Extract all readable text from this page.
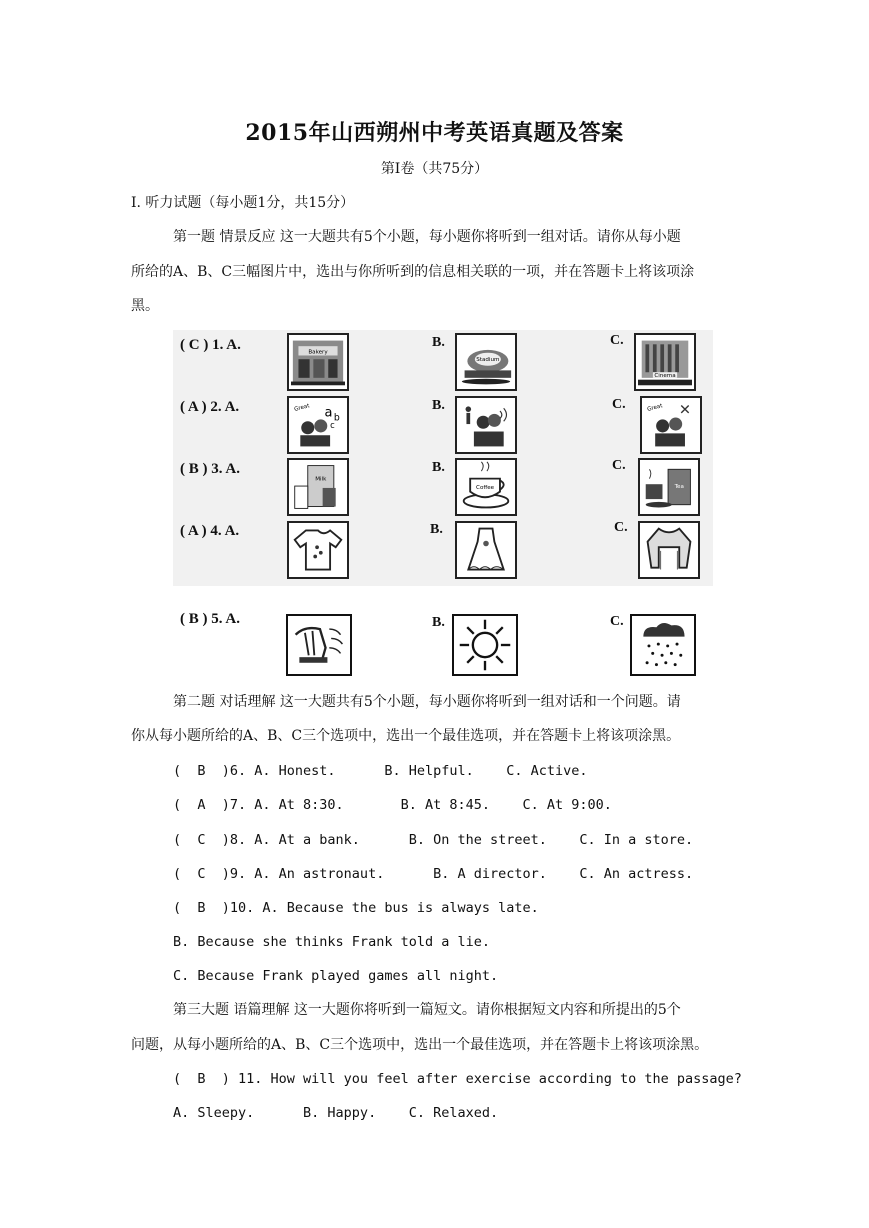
2015年山西朔州中考英语真题及答案
第Ⅰ卷（共75分）
I. 听力试题（每小题1分，共15分）
第一题 情景反应 这一大题共有5个小题，每小题你将听到一组对话。请你从每小题
所给的A、B、C三幅图片中，选出与你所听到的信息相关联的一项，并在答题卡上将该项涂
黑。
( C ) 1. A.	B.	C.
Bakery
Stadium
Cinema
( A ) 2. A.	B.	C.
Great a b
c
Great
( B ) 3. A.	B.	C.
Milk
Coffee	Tea
( A ) 4. A.	B.	C.
( B ) 5. A.	B.	C.
第二题 对话理解 这一大题共有5个小题，每小题你将听到一组对话和一个问题。请
你从每小题所给的A、B、C三个选项中，选出一个最佳选项，并在答题卡上将该项涂黑。
(  B  )6. A. Honest.      B. Helpful.    C. Active.
(  A  )7. A. At 8:30.       B. At 8:45.    C. At 9:00.
(  C  )8. A. At a bank.      B. On the street.    C. In a store.
(  C  )9. A. An astronaut.      B. A director.    C. An actress.
(  B  )10. A. Because the bus is always late.
B. Because she thinks Frank told a lie.
C. Because Frank played games all night.
第三大题 语篇理解 这一大题你将听到一篇短文。请你根据短文内容和所提出的5个
问题，从每小题所给的A、B、C三个选项中，选出一个最佳选项，并在答题卡上将该项涂黑。
(  B  ) 11. How will you feel after exercise according to the passage?
A. Sleepy.      B. Happy.    C. Relaxed.
